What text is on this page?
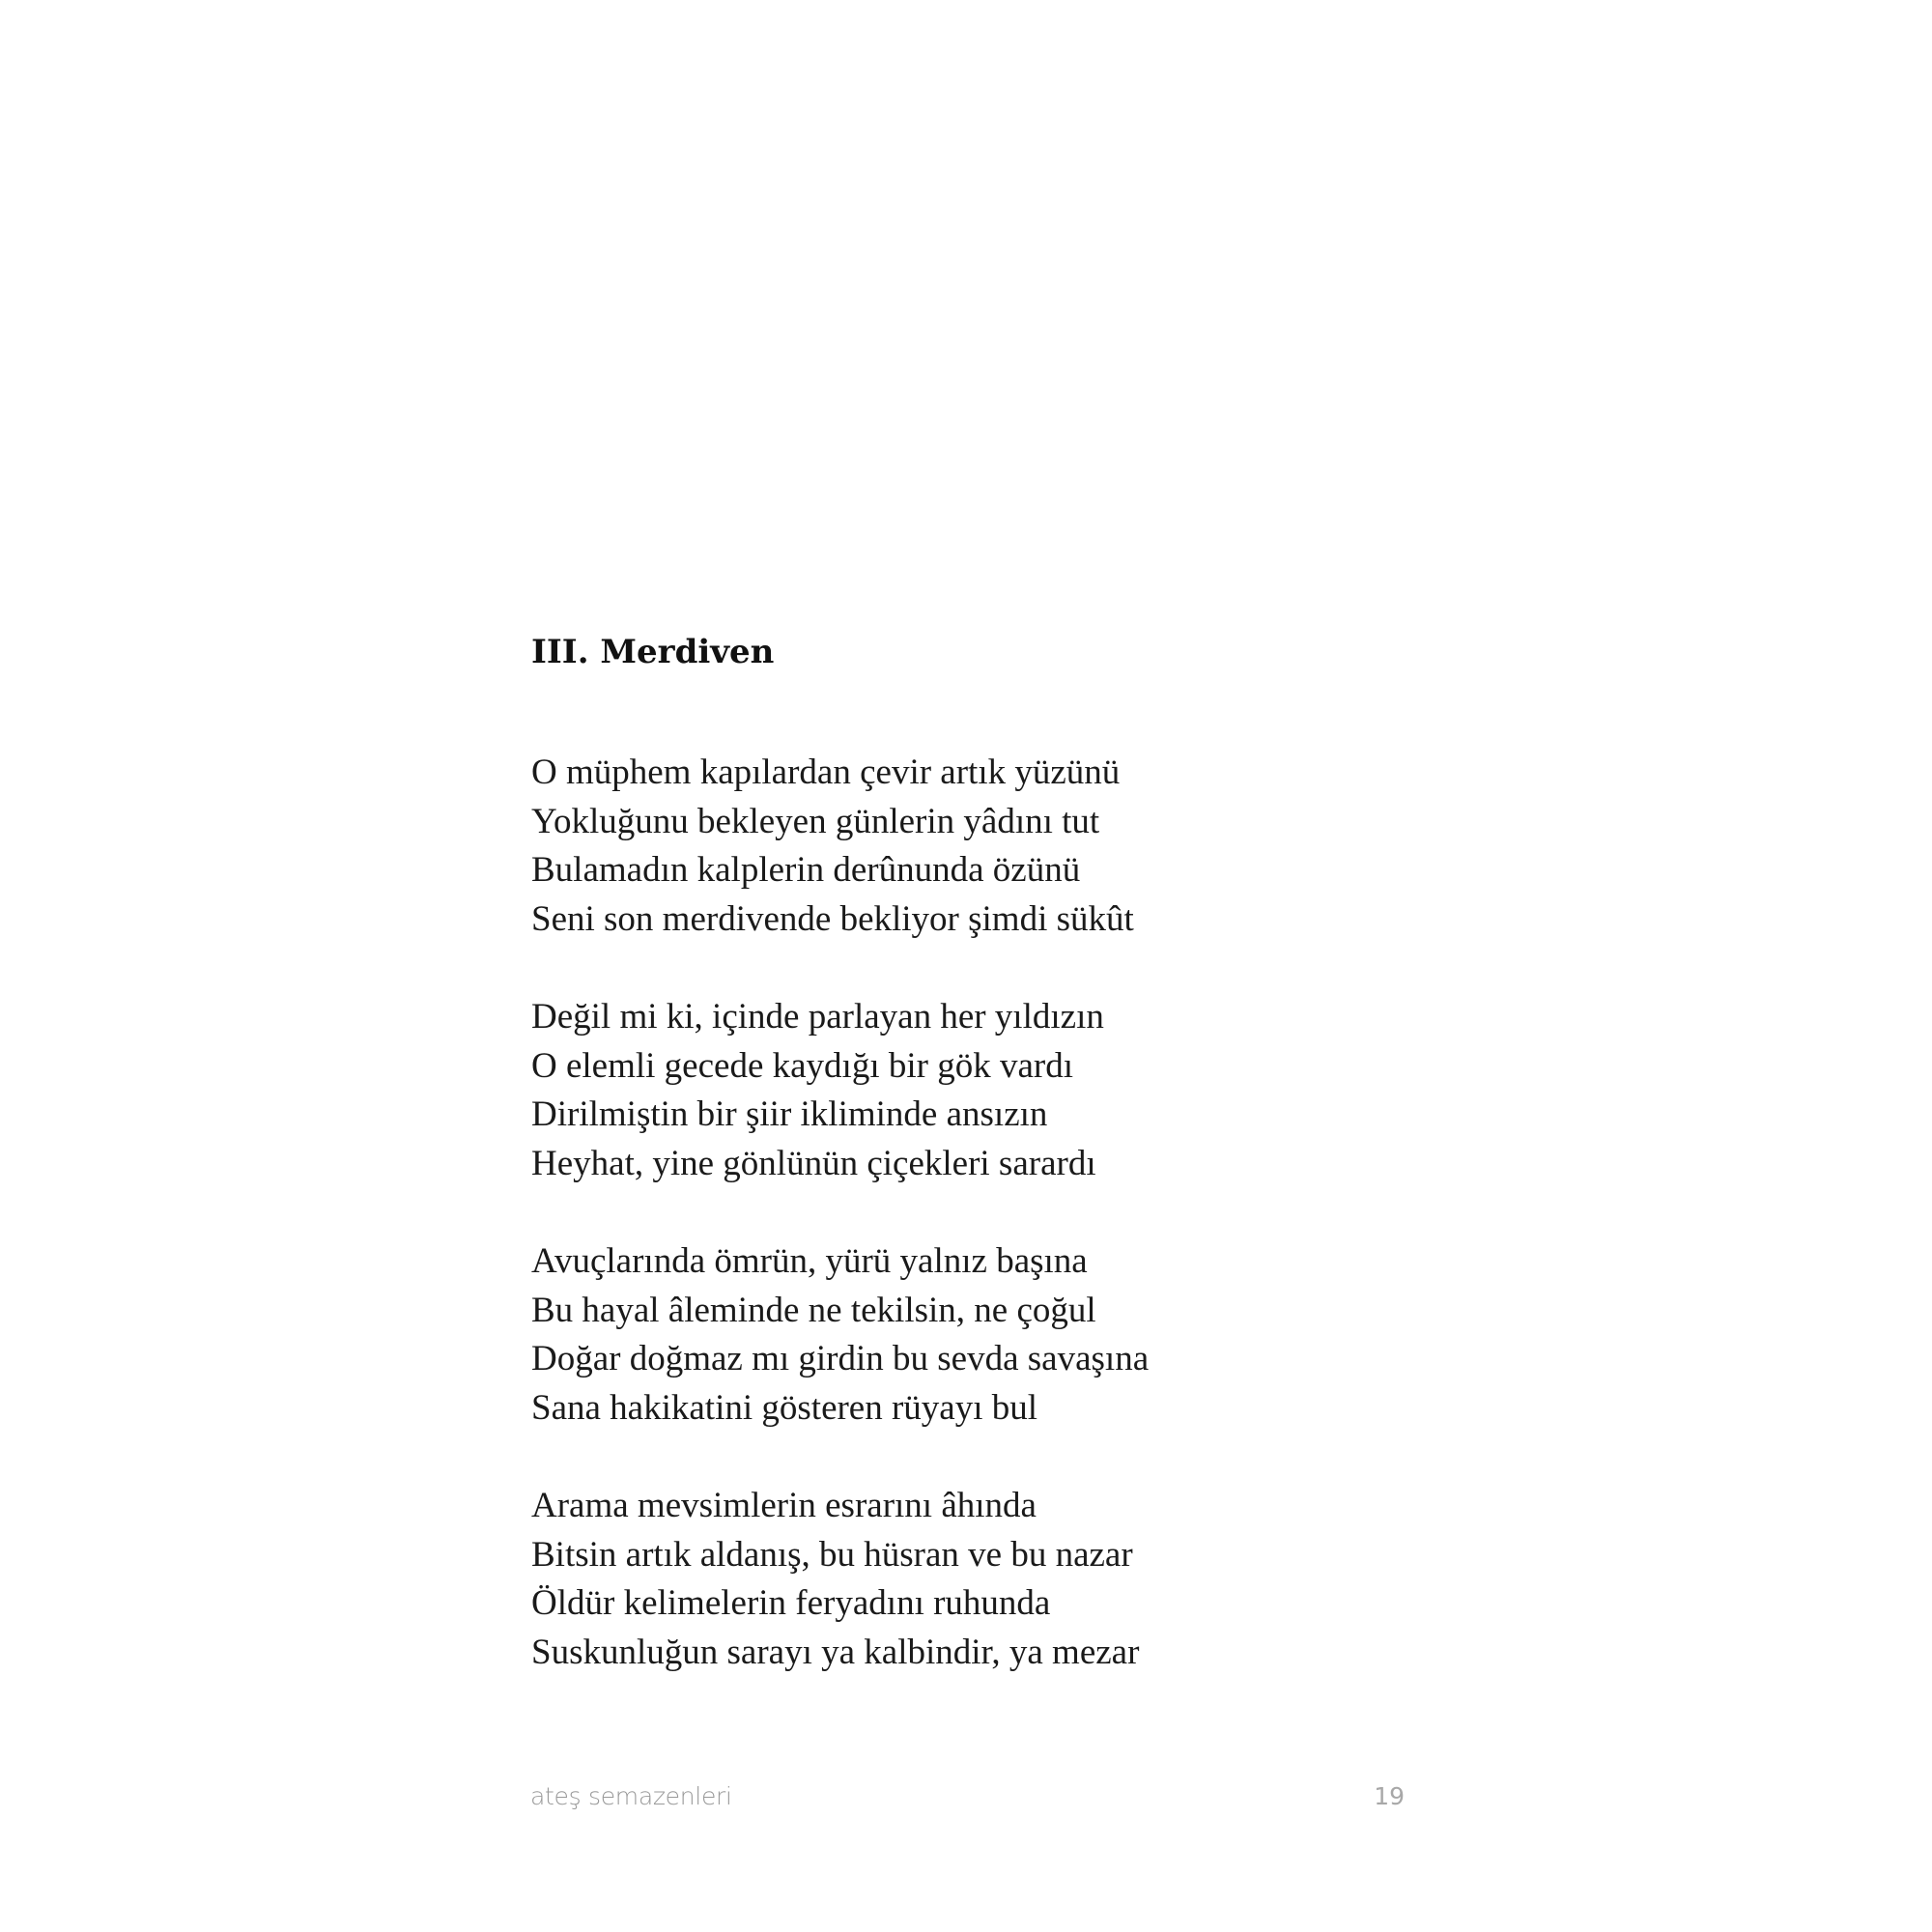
III. Merdiven
O müphem kapılardan çevir artık yüzünü
Yokluğunu bekleyen günlerin yâdını tut
Bulamadın kalplerin derûnunda özünü
Seni son merdivende bekliyor şimdi sükût
Değil mi ki, içinde parlayan her yıldızın
O elemli gecede kaydığı bir gök vardı
Dirilmiştin bir şiir ikliminde ansızın
Heyhat, yine gönlünün çiçekleri sarardı
Avuçlarında ömrün, yürü yalnız başına
Bu hayal âleminde ne tekilsin, ne çoğul
Doğar doğmaz mı girdin bu sevda savaşına
Sana hakikatini gösteren rüyayı bul
Arama mevsimlerin esrarını âhında
Bitsin artık aldanış, bu hüsran ve bu nazar
Öldür kelimelerin feryadını ruhunda
Suskunluğun sarayı ya kalbindir, ya mezar
ateş semazenleri	19
